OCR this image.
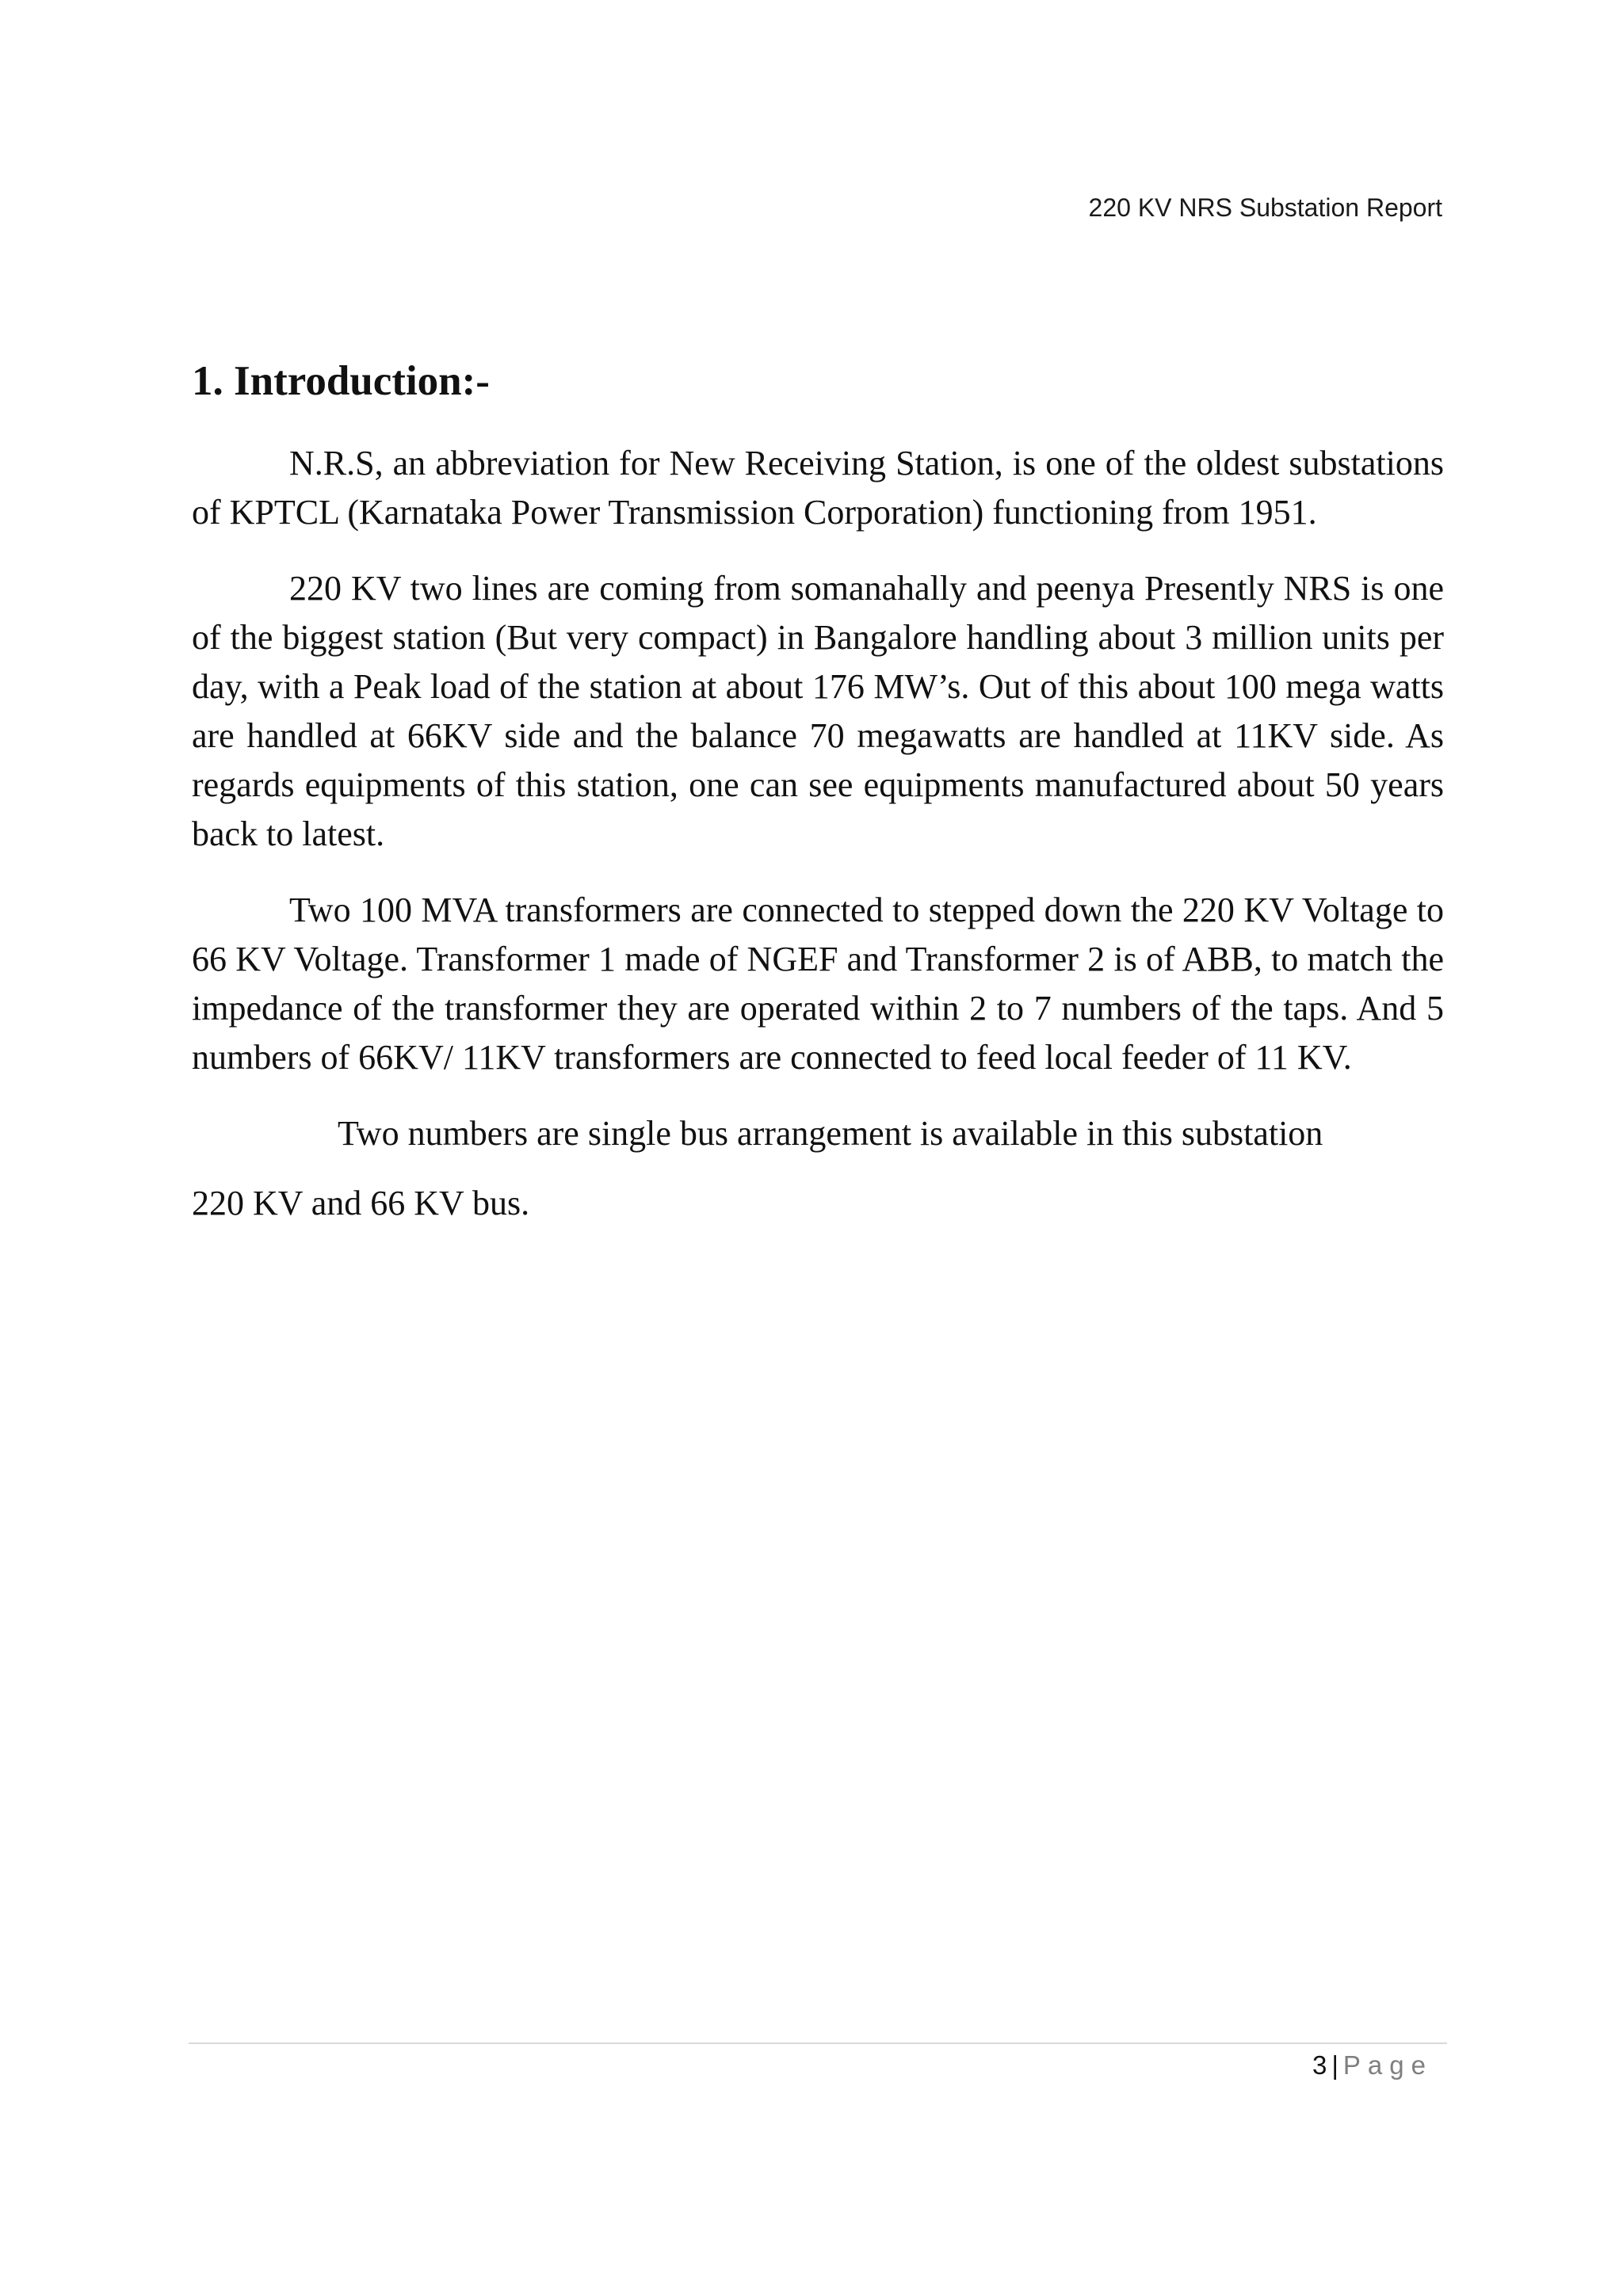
220 KV NRS Substation Report
1. Introduction:-

N.R.S, an abbreviation for New Receiving Station, is one of the oldest substations of KPTCL (Karnataka Power Transmission Corporation) functioning from 1951.

220 KV two lines are coming from somanahally and peenya Presently NRS is one of the biggest station (But very compact) in Bangalore handling about 3 million units per day, with a Peak load of the station at about 176 MW’s. Out of this about 100 mega watts are handled at 66KV side and the balance 70 megawatts are handled at 11KV side. As regards equipments of this station, one can see equipments manufactured about 50 years back to latest.

Two 100 MVA transformers are connected to stepped down the 220 KV Voltage to 66 KV Voltage. Transformer 1 made of NGEF and Transformer 2 is of ABB, to match the impedance of the transformer they are operated within 2 to 7 numbers of the taps. And 5 numbers of 66KV/ 11KV transformers are connected to feed local feeder of 11 KV.

Two numbers are single bus arrangement is available in this substation

220 KV and 66 KV bus.

3 | Page
